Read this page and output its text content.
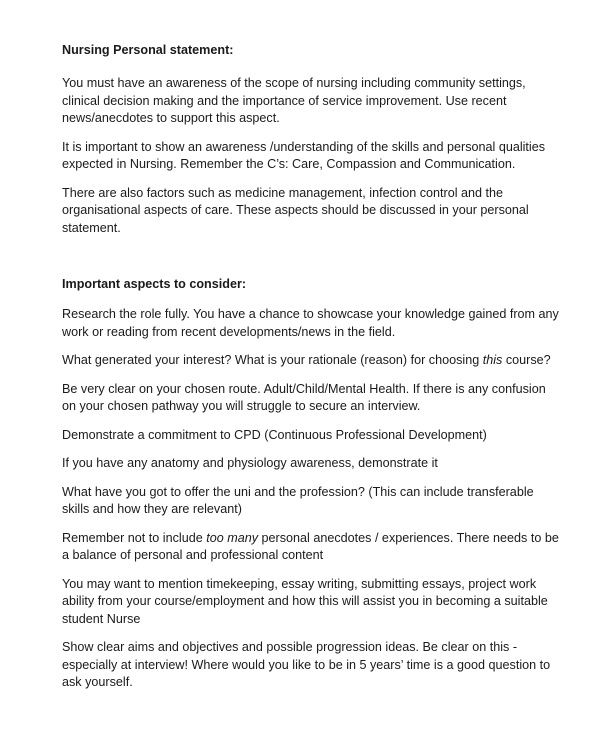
Nursing Personal statement:

You must have an awareness of the scope of nursing including community settings, clinical decision making and the importance of service improvement. Use recent news/anecdotes to support this aspect.

It is important to show an awareness /understanding of the skills and personal qualities expected in Nursing. Remember the C’s: Care, Compassion and Communication.

There are also factors such as medicine management, infection control and the organisational aspects of care. These aspects should be discussed in your personal statement.

Important aspects to consider:

Research the role fully. You have a chance to showcase your knowledge gained from any work or reading from recent developments/news in the field.

What generated your interest? What is your rationale (reason) for choosing this course?

Be very clear on your chosen route. Adult/Child/Mental Health. If there is any confusion on your chosen pathway you will struggle to secure an interview.

Demonstrate a commitment to CPD (Continuous Professional Development)

If you have any anatomy and physiology awareness, demonstrate it

What have you got to offer the uni and the profession? (This can include transferable skills and how they are relevant)

Remember not to include too many personal anecdotes / experiences. There needs to be a balance of personal and professional content

You may want to mention timekeeping, essay writing, submitting essays, project work ability from your course/employment and how this will assist you in becoming a suitable student Nurse

Show clear aims and objectives and possible progression ideas. Be clear on this - especially at interview! Where would you like to be in 5 years’ time is a good question to ask yourself.
